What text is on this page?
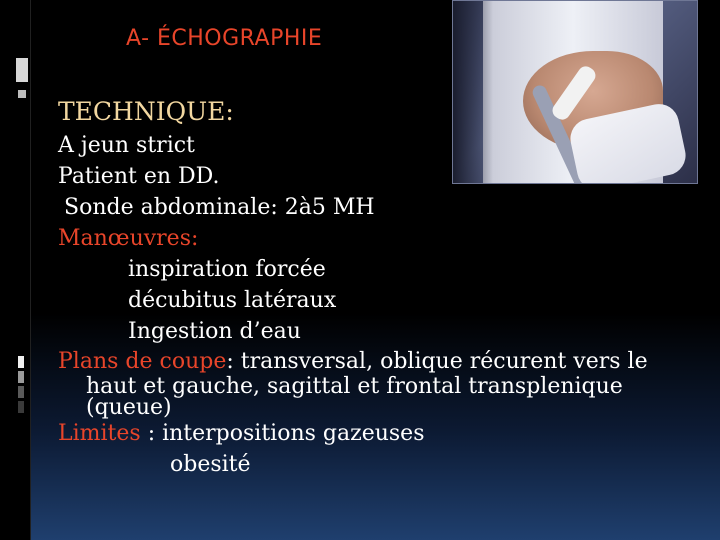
A- ÉCHOGRAPHIE
TECHNIQUE:
A jeun strict
Patient en DD.
Sonde abdominale: 2à5 MH
Manœuvres:
inspiration forcée
décubitus latéraux
Ingestion d’eau
Plans de coupe: transversal, oblique récurent vers le
haut et gauche, sagittal et frontal transplenique
(queue)
Limites : interpositions gazeuses
obesité
